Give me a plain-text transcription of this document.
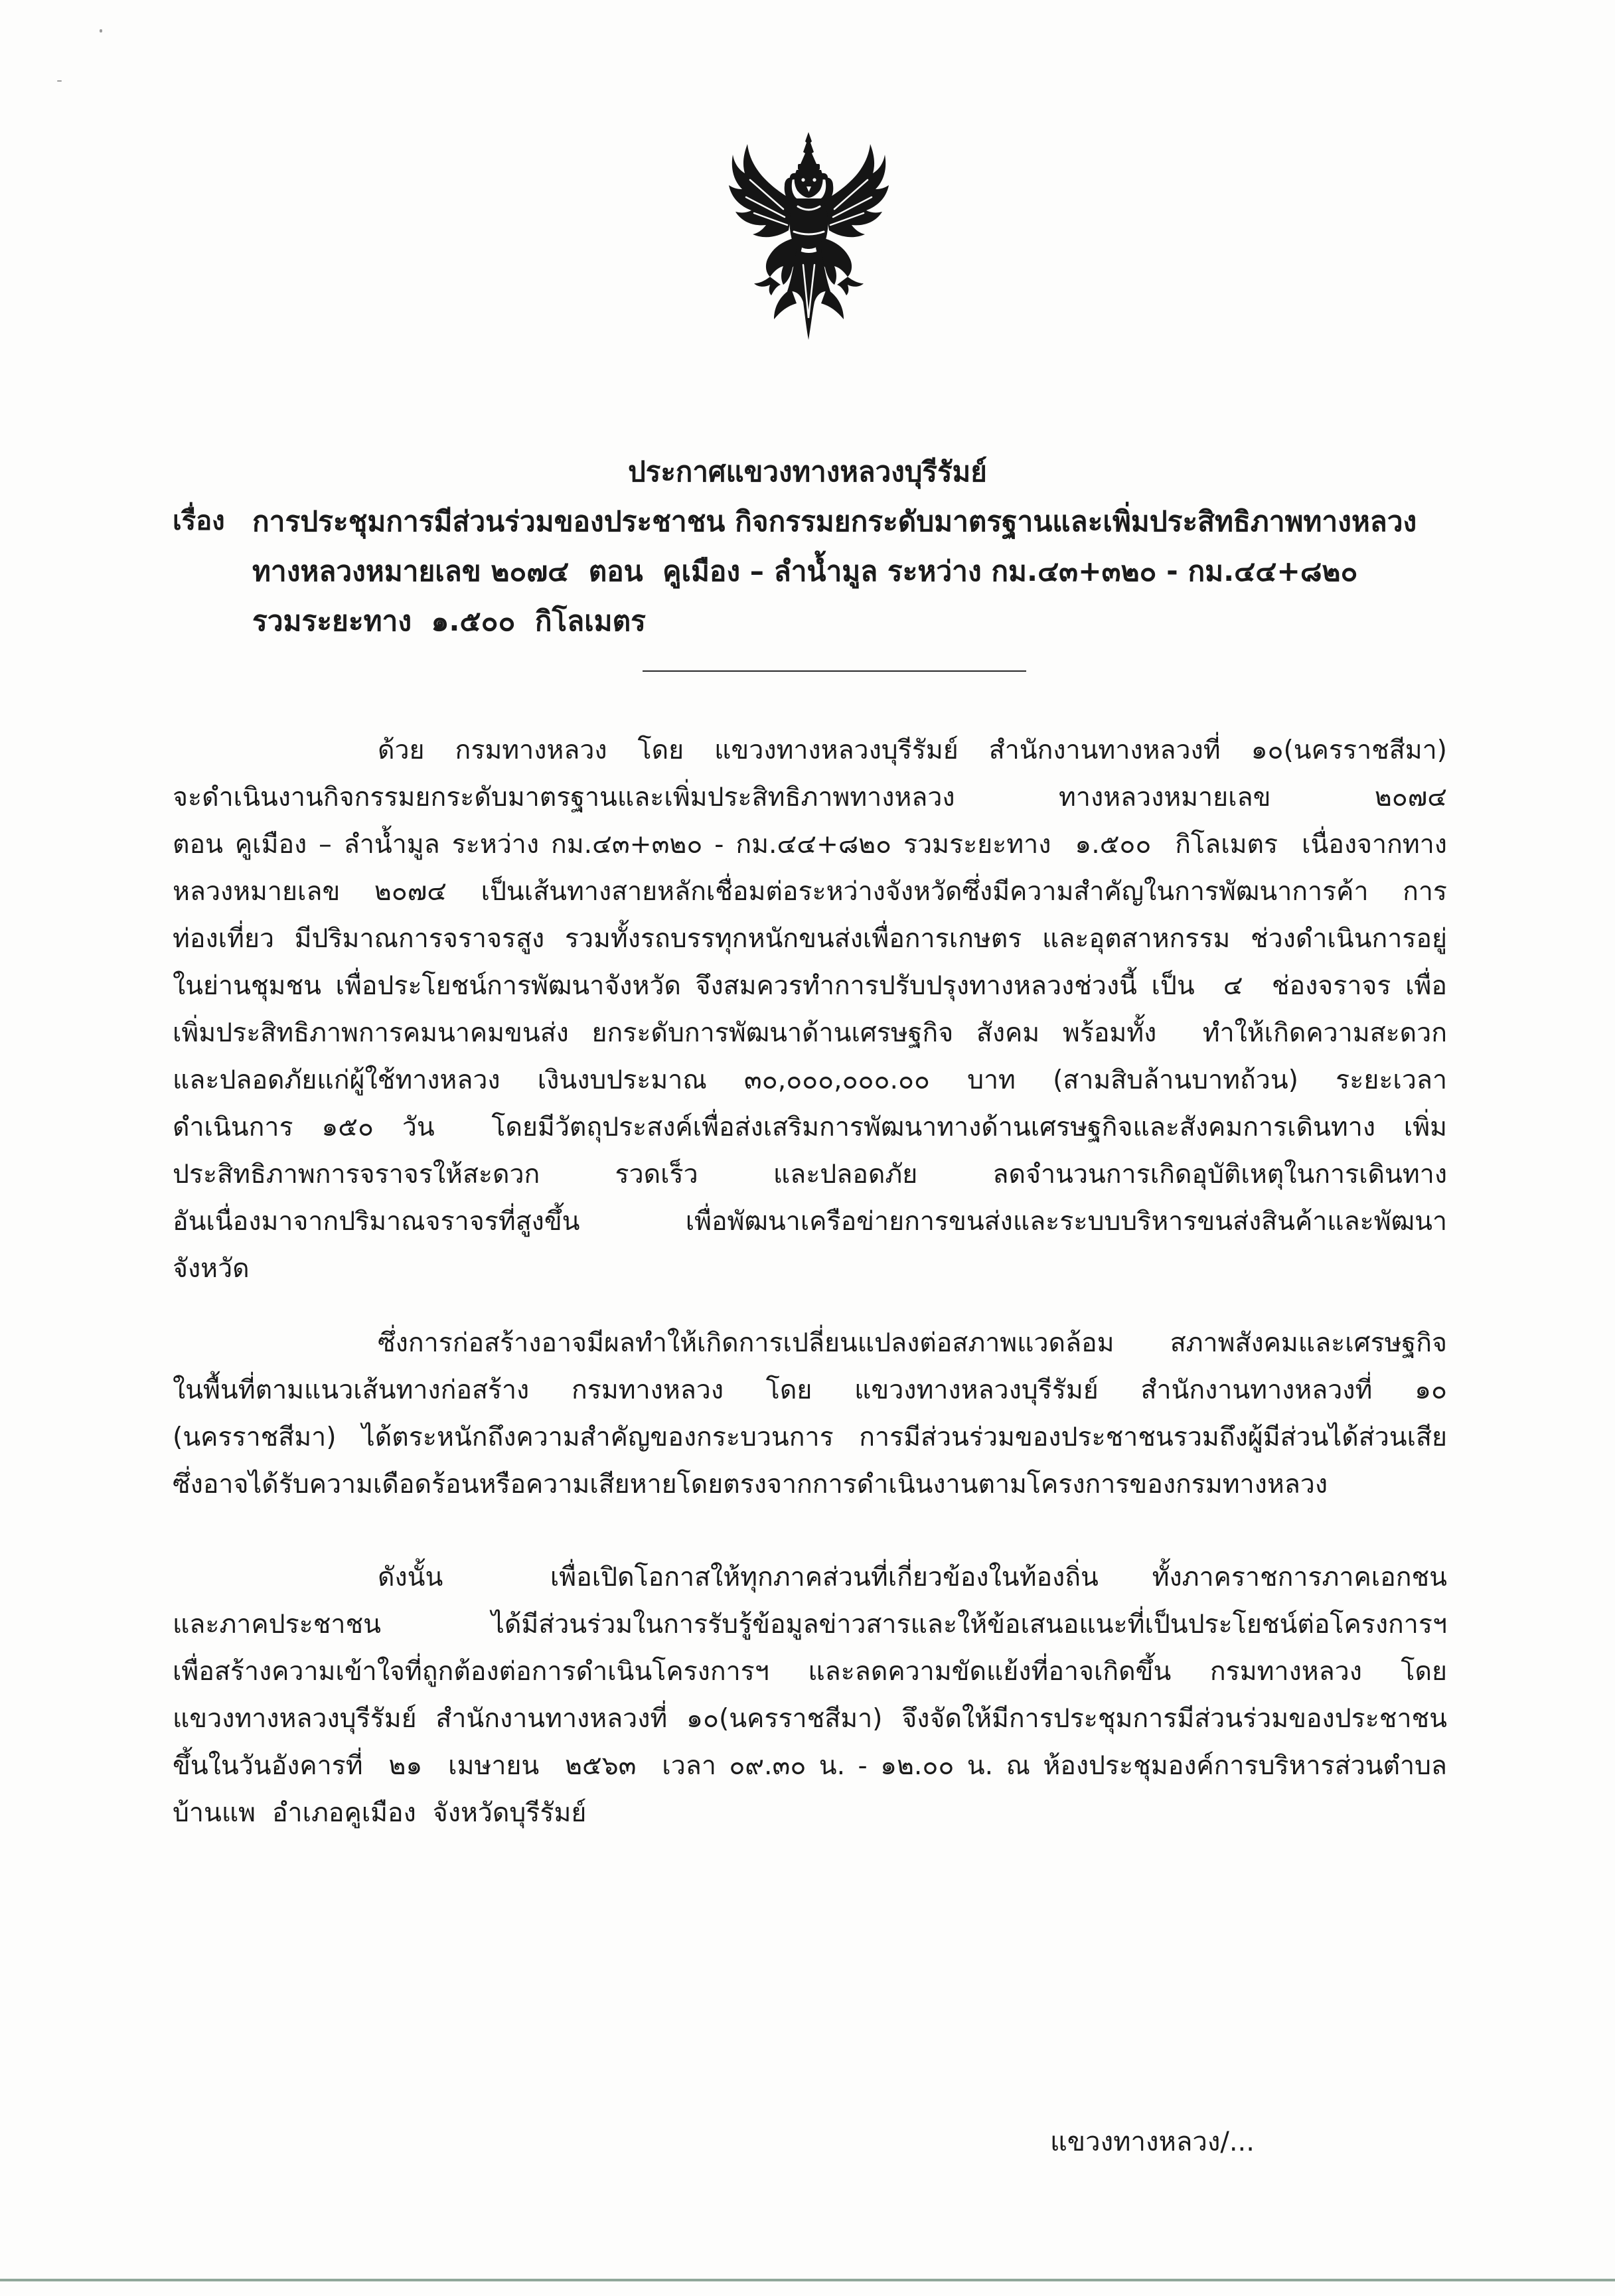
ประกาศแขวงทางหลวงบุรีรัมย์
เรื่อง การประชุมการมีส่วนร่วมของประชาชน กิจกรรมยกระดับมาตรฐานและเพิ่มประสิทธิภาพทางหลวง
ทางหลวงหมายเลข ๒๐๗๔  ตอน  คูเมือง – ลำน้ำมูล ระหว่าง กม.๔๓+๓๒๐ - กม.๔๔+๘๒๐
รวมระยะทาง  ๑.๕๐๐  กิโลเมตร
ด้วย กรมทางหลวง โดย แขวงทางหลวงบุรีรัมย์ สำนักงานทางหลวงที่ ๑๐(นครราชสีมา)
จะดำเนินงานกิจกรรมยกระดับมาตรฐานและเพิ่มประสิทธิภาพทางหลวง ทางหลวงหมายเลข ๒๐๗๔
ตอน คูเมือง – ลำน้ำมูล ระหว่าง กม.๔๓+๓๒๐ - กม.๔๔+๘๒๐ รวมระยะทาง  ๑.๕๐๐  กิโลเมตร  เนื่องจากทาง
หลวงหมายเลข ๒๐๗๔ เป็นเส้นทางสายหลักเชื่อมต่อระหว่างจังหวัดซึ่งมีความสำคัญในการพัฒนาการค้า การ
ท่องเที่ยว มีปริมาณการจราจรสูง รวมทั้งรถบรรทุกหนักขนส่งเพื่อการเกษตร และอุตสาหกรรม ช่วงดำเนินการอยู่
ในย่านชุมชน เพื่อประโยชน์การพัฒนาจังหวัด จึงสมควรทำการปรับปรุงทางหลวงช่วงนี้ เป็น  ๔  ช่องจราจร เพื่อ
เพิ่มประสิทธิภาพการคมนาคมขนส่ง ยกระดับการพัฒนาด้านเศรษฐกิจ สังคม พร้อมทั้ง  ทำให้เกิดความสะดวก
และปลอดภัยแก่ผู้ใช้ทางหลวง เงินงบประมาณ ๓๐,๐๐๐,๐๐๐.๐๐ บาท (สามสิบล้านบาทถ้วน) ระยะเวลา
ดำเนินการ ๑๕๐ วัน  โดยมีวัตถุประสงค์เพื่อส่งเสริมการพัฒนาทางด้านเศรษฐกิจและสังคมการเดินทาง เพิ่ม
ประสิทธิภาพการจราจรให้สะดวก รวดเร็ว และปลอดภัย ลดจำนวนการเกิดอุบัติเหตุในการเดินทาง
อันเนื่องมาจากปริมาณจราจรที่สูงขึ้น เพื่อพัฒนาเครือข่ายการขนส่งและระบบบริหารขนส่งสินค้าและพัฒนา
จังหวัด
ซึ่งการก่อสร้างอาจมีผลทำให้เกิดการเปลี่ยนแปลงต่อสภาพแวดล้อม สภาพสังคมและเศรษฐกิจ
ในพื้นที่ตามแนวเส้นทางก่อสร้าง กรมทางหลวง โดย แขวงทางหลวงบุรีรัมย์ สำนักงานทางหลวงที่ ๑๐
(นครราชสีมา) ได้ตระหนักถึงความสำคัญของกระบวนการ การมีส่วนร่วมของประชาชนรวมถึงผู้มีส่วนได้ส่วนเสีย
ซึ่งอาจได้รับความเดือดร้อนหรือความเสียหายโดยตรงจากการดำเนินงานตามโครงการของกรมทางหลวง
ดังนั้น  เพื่อเปิดโอกาสให้ทุกภาคส่วนที่เกี่ยวข้องในท้องถิ่น ทั้งภาคราชการภาคเอกชน
และภาคประชาชน ได้มีส่วนร่วมในการรับรู้ข้อมูลข่าวสารและให้ข้อเสนอแนะที่เป็นประโยชน์ต่อโครงการฯ
เพื่อสร้างความเข้าใจที่ถูกต้องต่อการดำเนินโครงการฯ และลดความขัดแย้งที่อาจเกิดขึ้น กรมทางหลวง โดย
แขวงทางหลวงบุรีรัมย์ สำนักงานทางหลวงที่ ๑๐(นครราชสีมา) จึงจัดให้มีการประชุมการมีส่วนร่วมของประชาชน
ขึ้นในวันอังคารที่  ๒๑  เมษายน  ๒๕๖๓  เวลา ๐๙.๓๐ น. - ๑๒.๐๐ น. ณ ห้องประชุมองค์การบริหารส่วนตำบล
บ้านแพ  อำเภอคูเมือง  จังหวัดบุรีรัมย์
แขวงทางหลวง/...
